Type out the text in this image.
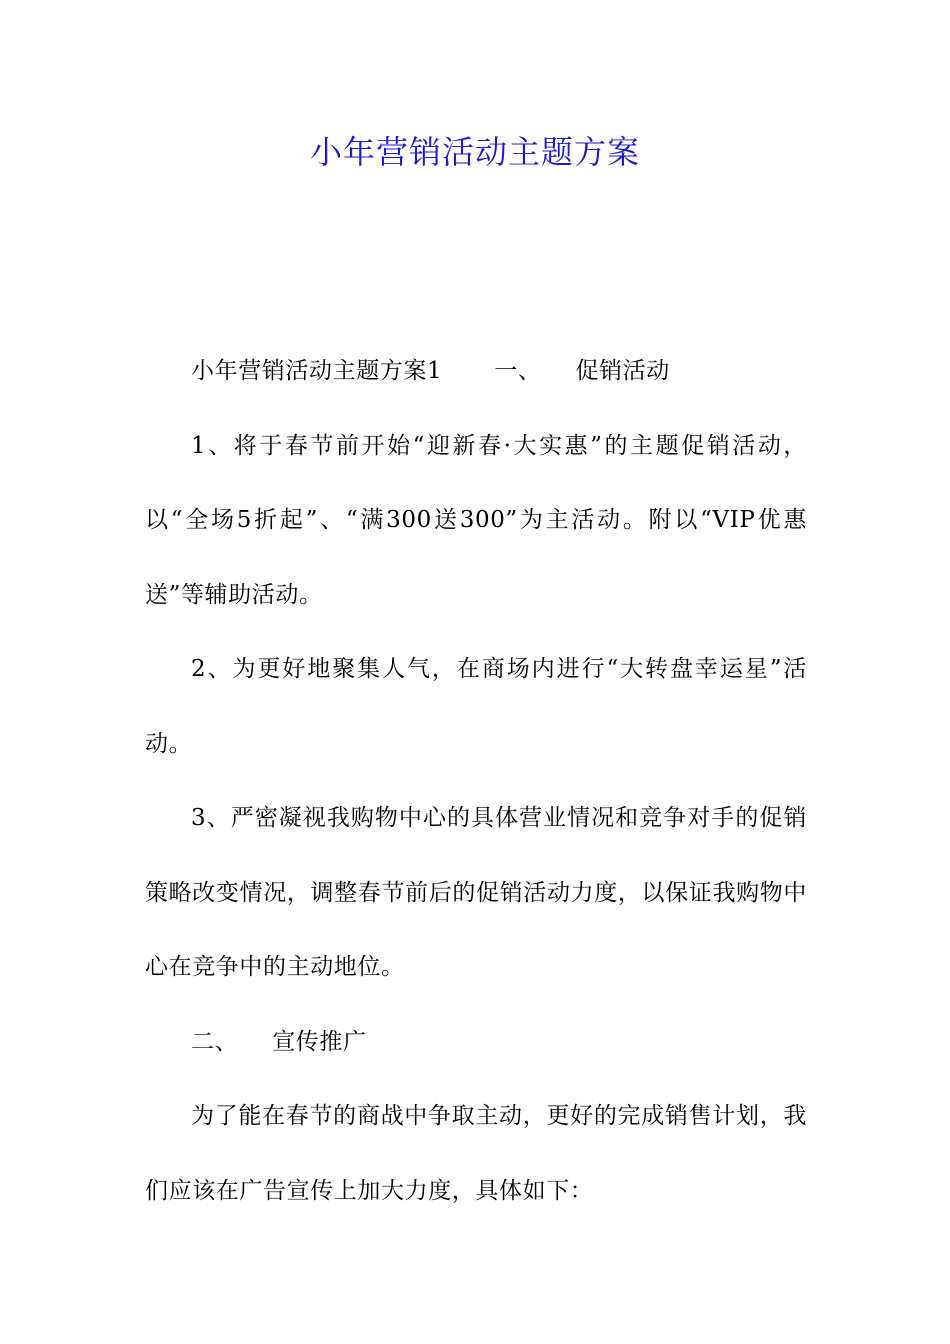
小年营销活动主题方案

小年营销活动主题方案1 一、 促销活动

1、将于春节前开始“迎新春·大实惠”的主题促销活动，以“全场5折起”、“满300送300”为主活动。附以“VIP优惠送”等辅助活动。

2、为更好地聚集人气，在商场内进行“大转盘幸运星”活动。

3、严密凝视我购物中心的具体营业情况和竞争对手的促销策略改变情况，调整春节前后的促销活动力度，以保证我购物中心在竞争中的主动地位。

二、 宣传推广

为了能在春节的商战中争取主动，更好的完成销售计划，我们应该在广告宣传上加大力度，具体如下：
